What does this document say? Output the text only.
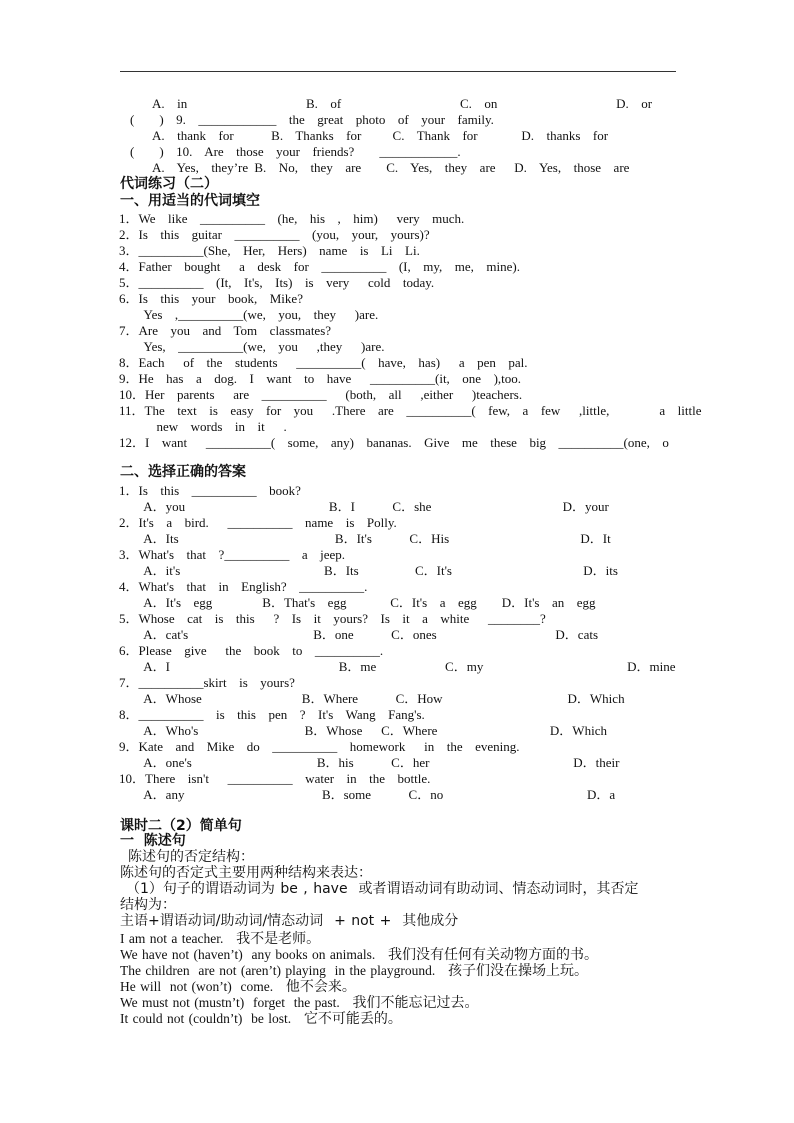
A.  in                   B.  of                   C.  on                   D.  or
(    )  9.  ____________  the  great  photo  of  your  family.
A.  thank  for      B.  Thanks  for     C.  Thank  for       D.  thanks  for
(    )  10.  Are  those  your  friends?    ____________.
A.  Yes,  they’re B.  No,  they  are    C.  Yes,  they  are   D.  Yes,  those  are
代词练习（二）
一、用适当的代词填空
1．We  like  __________  (he,  his  ,  him)   very  much.
2．Is  this  guitar  __________  (you,  your,  yours)?
3．__________(She,  Her,  Hers)  name  is  Li  Li.
4．Father  bought   a  desk  for  __________  (I,  my,  me,  mine).
5．__________  (It,  It's,  Its)  is  very   cold  today.
6．Is  this  your  book,  Mike?
Yes  ,__________(we,  you,  they   )are.
7．Are  you  and  Tom  classmates?
Yes,  __________(we,  you   ,they   )are.
8．Each   of  the  students   __________(  have,  has)   a  pen  pal.
9．He  has  a  dog.  I  want  to  have   __________(it,  one  ),too.
10．Her  parents   are  __________   (both,  all   ,either   )teachers.
11．The  text  is  easy  for  you   .There  are  __________(  few,  a  few   ,little,        a  little
new  words  in  it   .
12．I  want   __________(  some,  any)  bananas.  Give  me  these  big  __________(one,  o
二、选择正确的答案
1．Is  this  __________  book?
A．you                       B．I      C．she                     D．your
2．It's  a  bird.   __________  name  is  Polly.
A．Its                         B．It's      C．His                     D．It
3．What's  that  ?__________  a  jeep.
A．it's                       B．Its         C．It's                     D．its
4．What's  that  in  English?  __________.
A．It's  egg        B．That's  egg       C．It's  a  egg    D．It's  an  egg
5．Whose  cat  is  this   ?  Is  it  yours?  Is  it  a  white   ________?
A．cat's                    B．one      C．ones                   D．cats
6．Please  give   the  book  to  __________.
A．I                           B．me           C．my                       D．mine
7．__________skirt  is  yours?
A．Whose                B．Where      C．How                    D．Which
8．__________  is  this  pen  ?  It's  Wang  Fang's.
A．Who's                 B．Whose   C．Where                  D．Which
9．Kate  and  Mike  do  __________  homework   in  the  evening.
A．one's                    B．his      C．her                       D．their
10．There  isn't   __________  water  in  the  bottle.
A．any                      B．some      C．no                       D．a
课时二（2）简单句
一  陈述句
陈述句的否定结构：
陈述句的否定式主要用两种结构来表达：
（1）句子的谓语动词为 be , have  或者谓语动词有助动词、情态动词时，其否定
结构为：
主语+谓语动词/助动词/情态动词  + not +  其他成分
I am not a teacher. 我不是老师。
We have not (haven’t)  any books on animals. 我们没有任何有关动物方面的书。
The children  are not (aren’t) playing  in the playground. 孩子们没在操场上玩。
He will  not (won’t)  come. 他不会来。
We must not (mustn’t)  forget  the past. 我们不能忘记过去。
It could not (couldn’t)  be lost. 它不可能丢的。
